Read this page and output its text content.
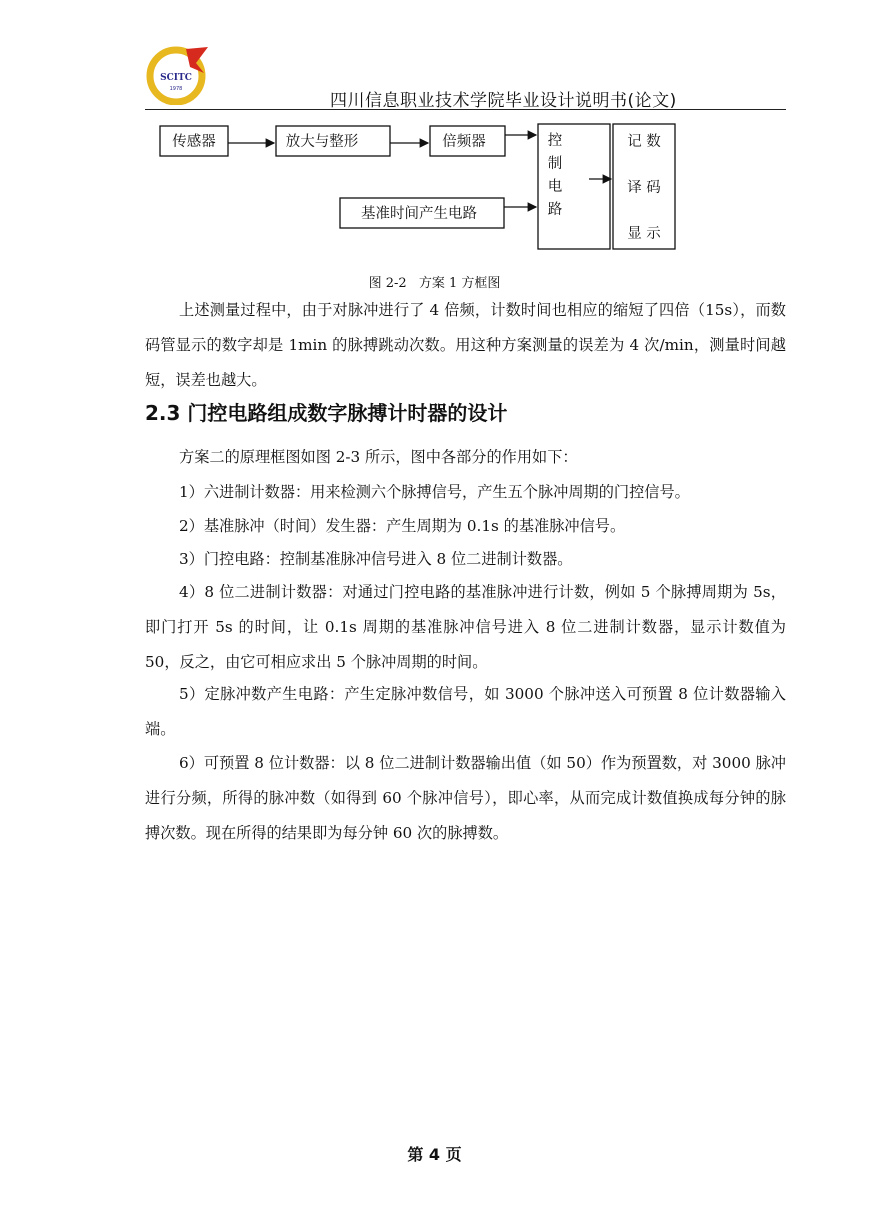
SCITC
1978
四川信息职业技术学院毕业设计说明书(论文)
传感器	放大与整形	倍频器
基准时间产生电路
控
制
电
路
记 数
译 码
显 示
图 2-2 方案 1 方框图

上述测量过程中，由于对脉冲进行了 4 倍频，计数时间也相应的缩短了四倍（15s），而数码管显示的数字却是 1min 的脉搏跳动次数。用这种方案测量的误差为 4 次/min，测量时间越短，误差也越大。

2.3 门控电路组成数字脉搏计时器的设计

方案二的原理框图如图 2-3 所示，图中各部分的作用如下：

1）六进制计数器：用来检测六个脉搏信号，产生五个脉冲周期的门控信号。

2）基准脉冲（时间）发生器：产生周期为 0.1s 的基准脉冲信号。

3）门控电路：控制基准脉冲信号进入 8 位二进制计数器。

4）8 位二进制计数器：对通过门控电路的基准脉冲进行计数，例如 5 个脉搏周期为 5s，即门打开 5s 的时间，让 0.1s 周期的基准脉冲信号进入 8 位二进制计数器，显示计数值为 50，反之，由它可相应求出 5 个脉冲周期的时间。

5）定脉冲数产生电路：产生定脉冲数信号，如 3000 个脉冲送入可预置 8 位计数器输入端。

6）可预置 8 位计数器：以 8 位二进制计数器输出值（如 50）作为预置数，对 3000 脉冲进行分频，所得的脉冲数（如得到 60 个脉冲信号），即心率，从而完成计数值换成每分钟的脉搏次数。现在所得的结果即为每分钟 60 次的脉搏数。

第 4 页
